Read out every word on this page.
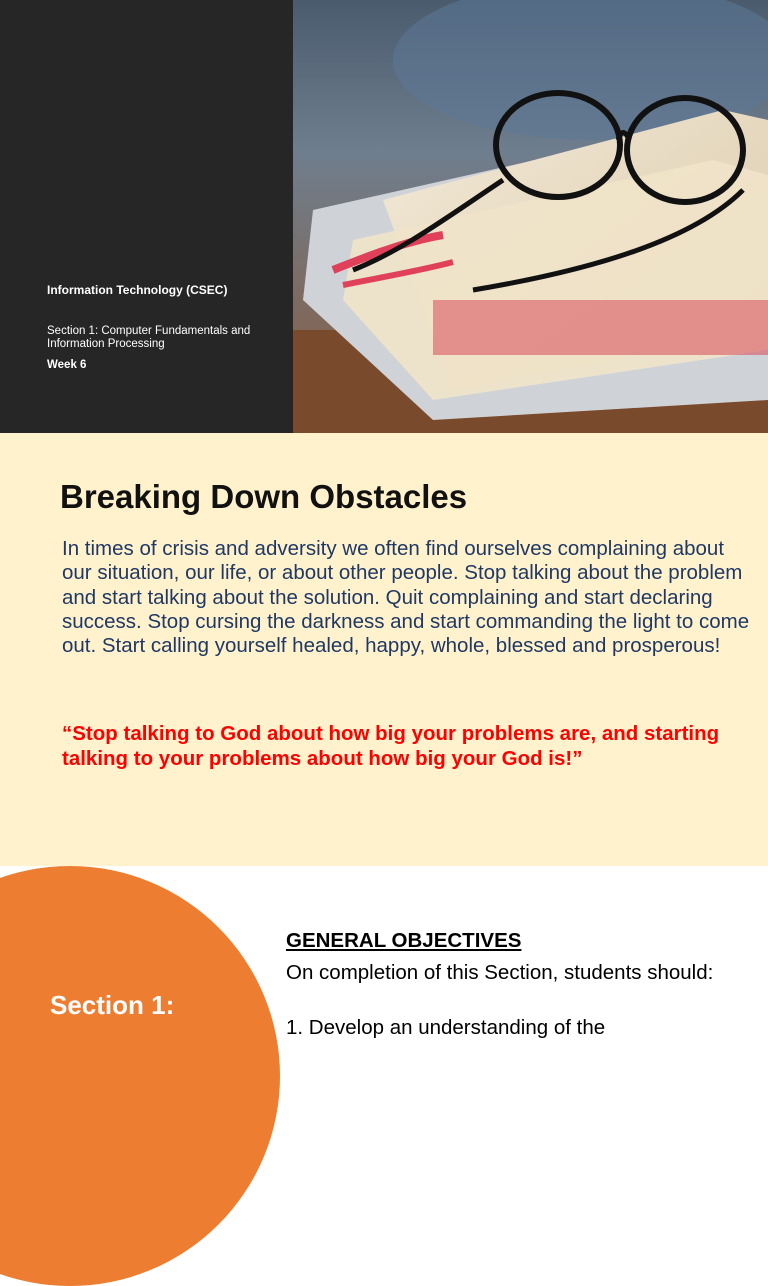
Information Technology (CSEC)
Section 1: Computer Fundamentals and Information Processing
Week 6
Breaking Down Obstacles
In times of crisis and adversity we often find ourselves complaining about our situation, our life, or about other people. Stop talking about the problem and start talking about the solution. Quit complaining and start declaring success. Stop cursing the darkness and start commanding the light to come out. Start calling yourself healed, happy, whole, blessed and prosperous!
“Stop talking to God about how big your problems are, and starting talking to your problems about how big your God is!”
Section 1:
GENERAL OBJECTIVES
On completion of this Section, students should:
1. Develop an understanding of the
